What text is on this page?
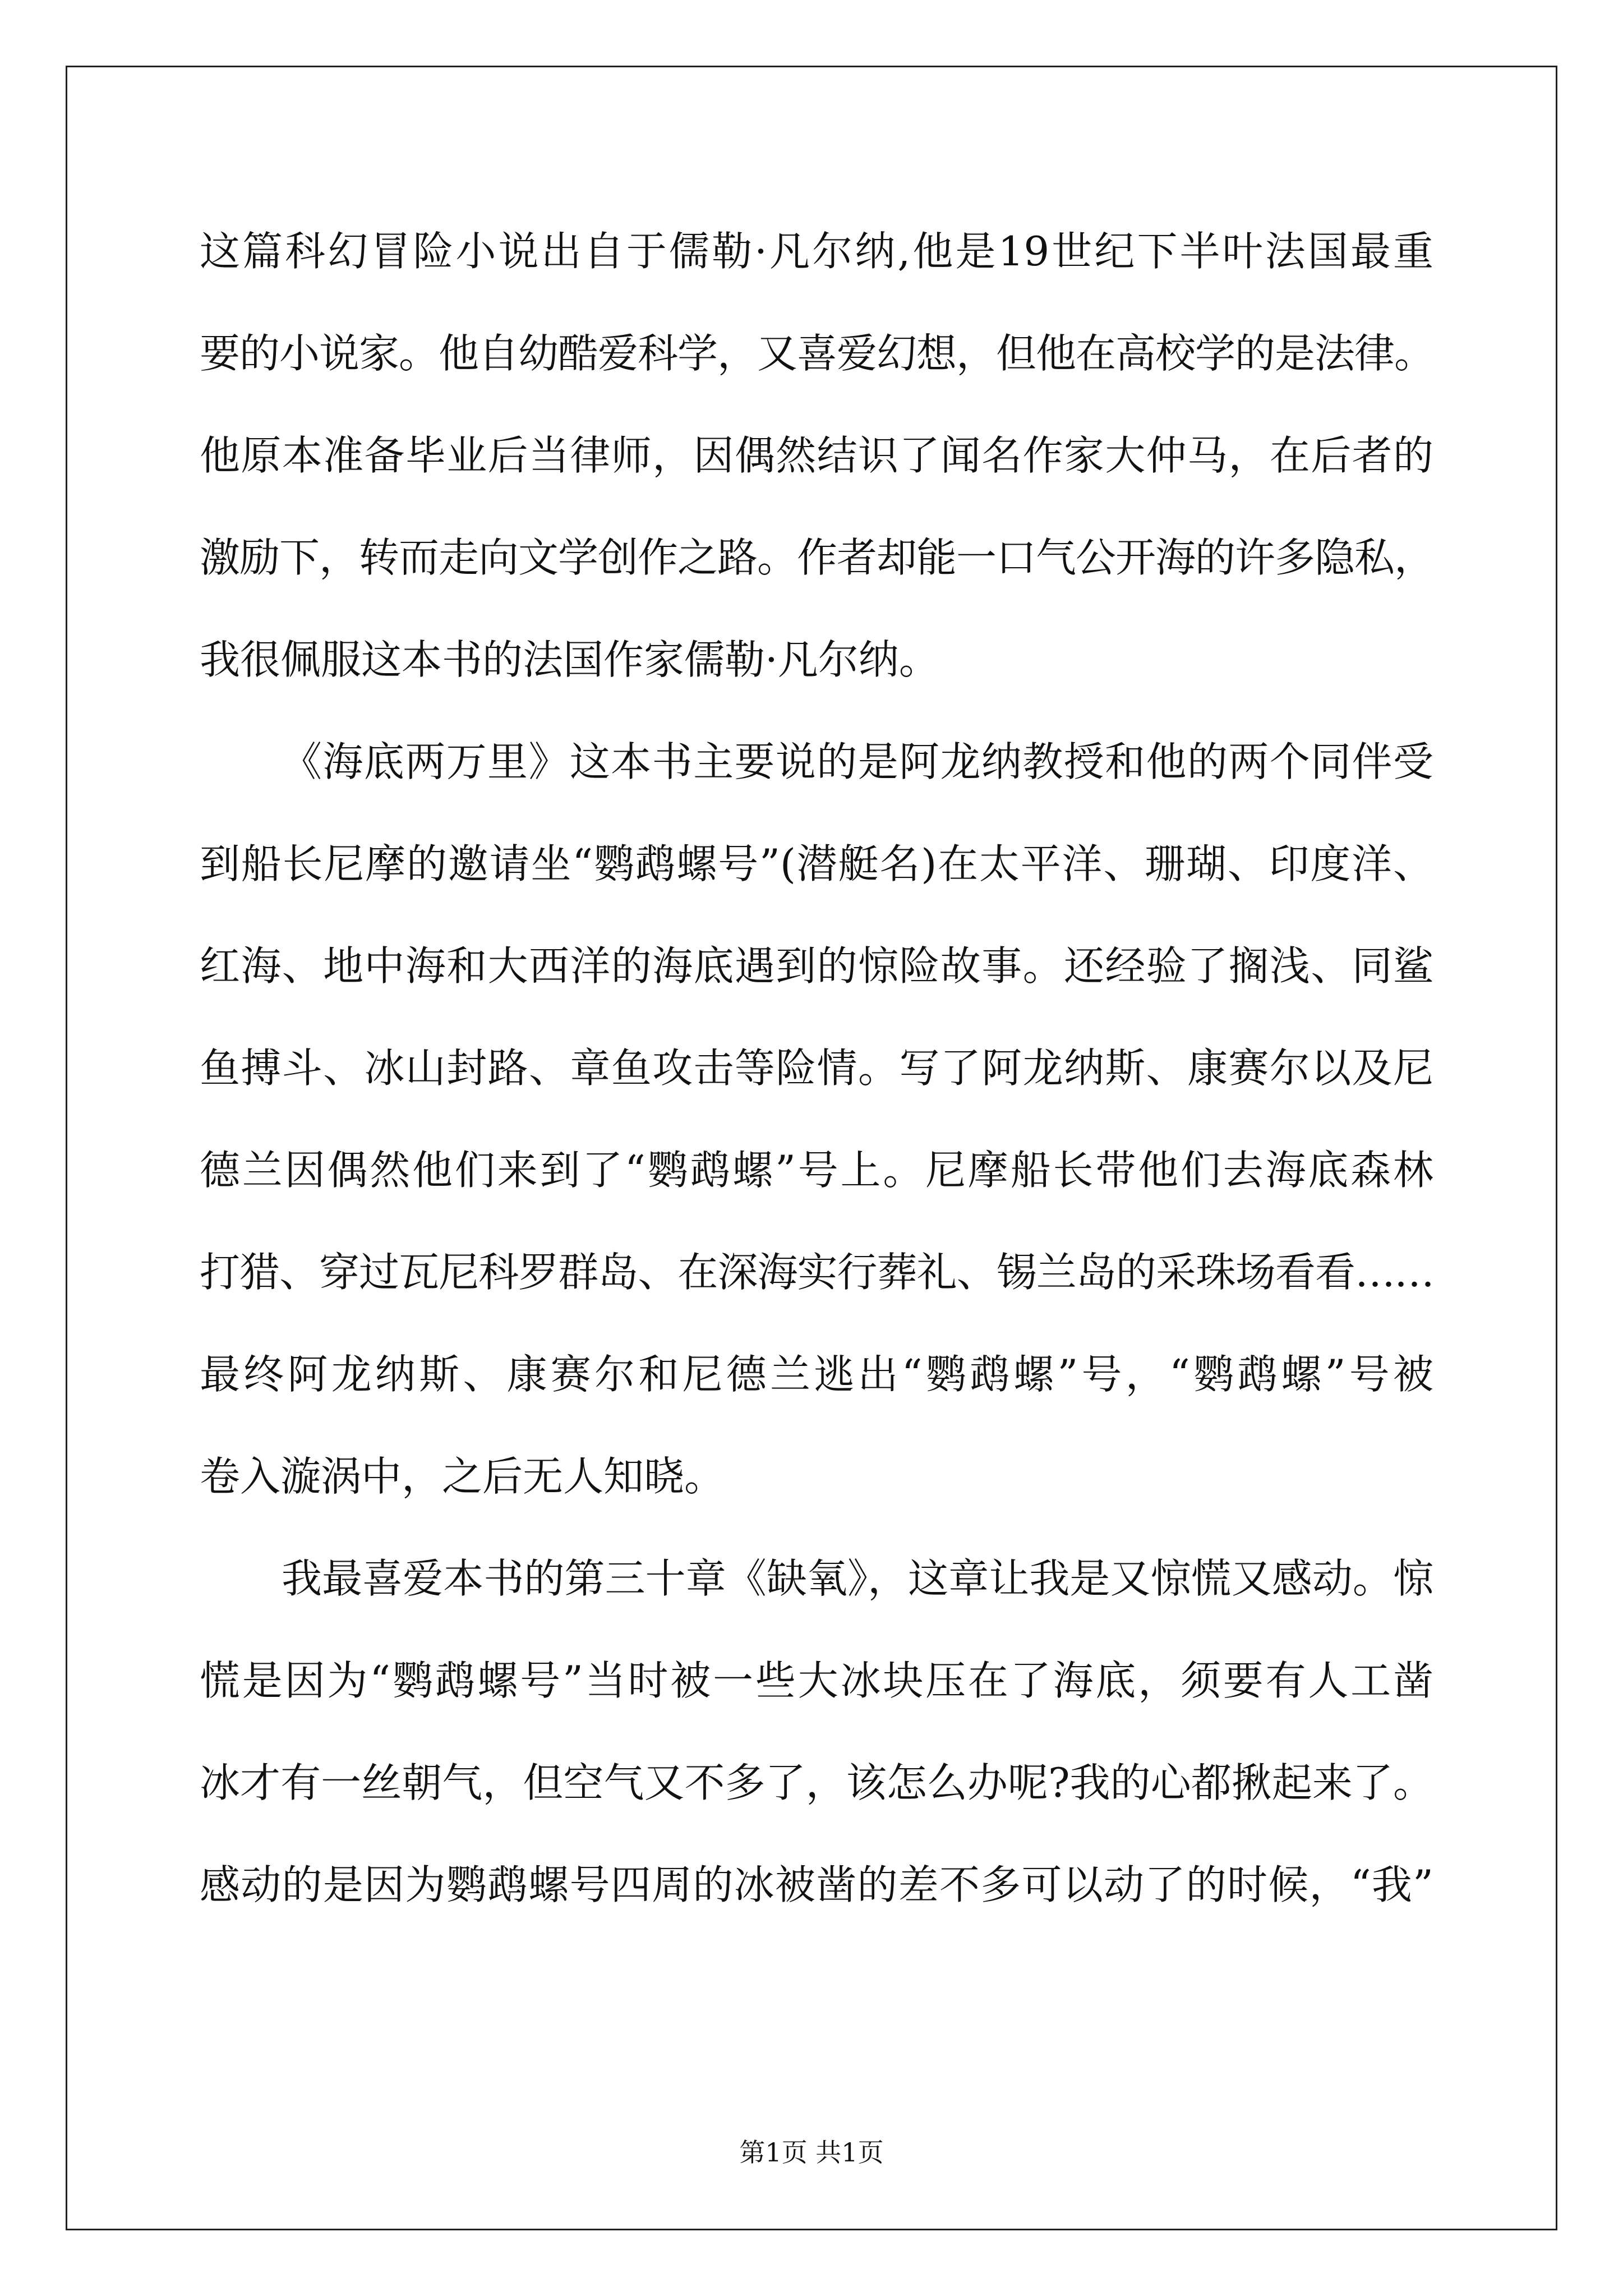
这篇科幻冒险小说出自于儒勒·凡尔纳,他是19世纪下半叶法国最重
要的小说家。他自幼酷爱科学，又喜爱幻想，但他在高校学的是法律。
他原本准备毕业后当律师，因偶然结识了闻名作家大仲马，在后者的
激励下，转而走向文学创作之路。作者却能一口气公开海的许多隐私，
我很佩服这本书的法国作家儒勒·凡尔纳。
《海底两万里》这本书主要说的是阿龙纳教授和他的两个同伴受
到船长尼摩的邀请坐“鹦鹉螺号”(潜艇名)在太平洋、珊瑚、印度洋、
红海、地中海和大西洋的海底遇到的惊险故事。还经验了搁浅、同鲨
鱼搏斗、冰山封路、章鱼攻击等险情。写了阿龙纳斯、康赛尔以及尼
德兰因偶然他们来到了“鹦鹉螺”号上。尼摩船长带他们去海底森林
打猎、穿过瓦尼科罗群岛、在深海实行葬礼、锡兰岛的采珠场看看……
最终阿龙纳斯、康赛尔和尼德兰逃出“鹦鹉螺”号，“鹦鹉螺”号被
卷入漩涡中，之后无人知晓。
我最喜爱本书的第三十章《缺氧》，这章让我是又惊慌又感动。惊
慌是因为“鹦鹉螺号”当时被一些大冰块压在了海底，须要有人工凿
冰才有一丝朝气，但空气又不多了，该怎么办呢?我的心都揪起来了。
感动的是因为鹦鹉螺号四周的冰被凿的差不多可以动了的时候，“我”
第1页 共1页
